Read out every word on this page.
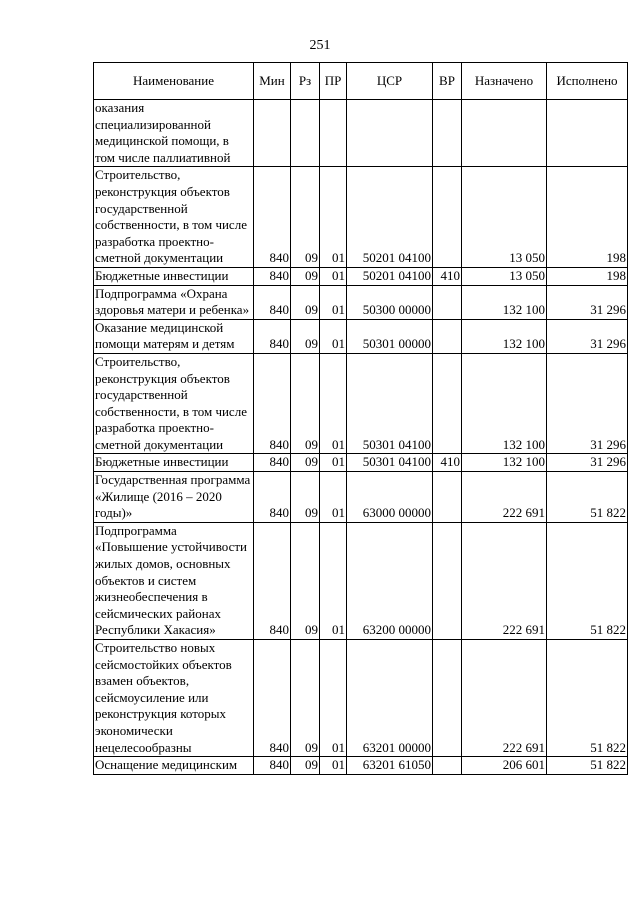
251
Наименование	Мин	Рз	ПР	ЦСР	ВР	Назначено	Исполнено
оказания специализированной медицинской помощи, в том числе паллиативной							
Строительство, реконструкция объектов государственной собственности, в том числе разработка проектно-сметной документации	840	09	01	50201 04100		13 050	198
Бюджетные инвестиции	840	09	01	50201 04100	410	13 050	198
Подпрограмма «Охрана здоровья матери и ребенка»	840	09	01	50300 00000		132 100	31 296
Оказание медицинской помощи матерям и детям	840	09	01	50301 00000		132 100	31 296
Строительство, реконструкция объектов государственной собственности, в том числе разработка проектно-сметной документации	840	09	01	50301 04100		132 100	31 296
Бюджетные инвестиции	840	09	01	50301 04100	410	132 100	31 296
Государственная программа «Жилище (2016 – 2020 годы)»	840	09	01	63000 00000		222 691	51 822
Подпрограмма «Повышение устойчивости жилых домов, основных объектов и систем жизнеобеспечения в сейсмических районах Республики Хакасия»	840	09	01	63200 00000		222 691	51 822
Строительство новых сейсмостойких объектов взамен объектов, сейсмоусиление или реконструкция которых экономически нецелесообразны	840	09	01	63201 00000		222 691	51 822
Оснащение медицинским	840	09	01	63201 61050		206 601	51 822
